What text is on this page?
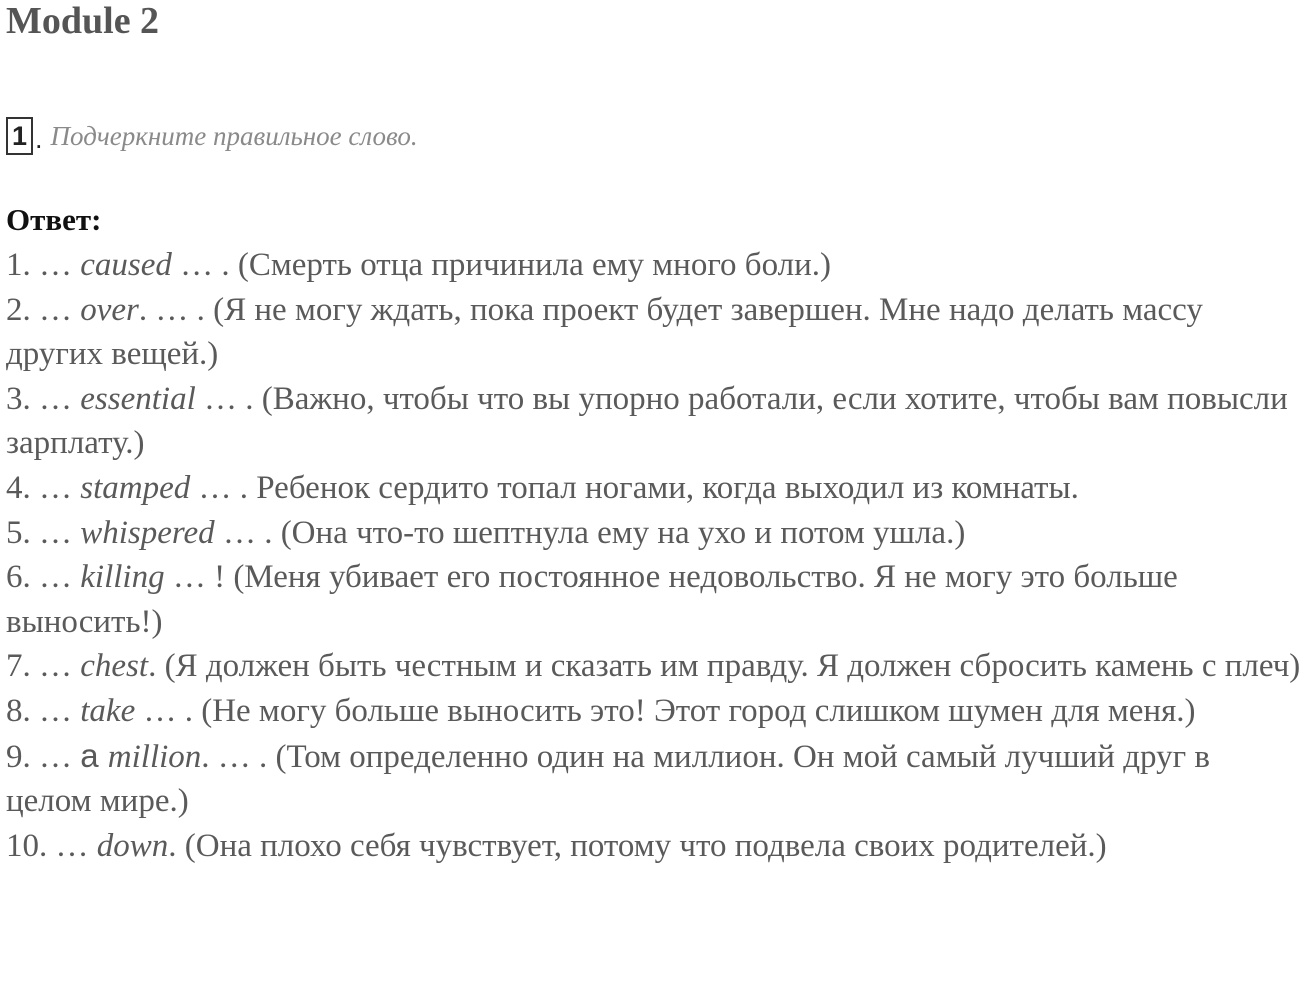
Module 2
1 . Подчеркните правильное слово.
Ответ:
1. … caused … . (Смерть отца причинила ему много боли.)
2. … over. … . (Я не могу ждать, пока проект будет завершен. Мне надо делать массу других вещей.)
3. … essential … . (Важно, чтобы что вы упорно работали, если хотите, чтобы вам повысли зарплату.)
4. … stamped … . Ребенок сердито топал ногами, когда выходил из комнаты.
5. … whispered … . (Она что-то шептнула ему на ухо и потом ушла.)
6. … killing … ! (Меня убивает его постоянное недовольство. Я не могу это больше выносить!)
7. … chest. (Я должен быть честным и сказать им правду. Я должен сбросить камень с плеч)
8. … take … . (Не могу больше выносить это! Этот город слишком шумен для меня.)
9. … a million. … . (Том определенно один на миллион. Он мой самый лучший друг в целом мире.)
10. … down. (Она плохо себя чувствует, потому что подвела своих родителей.)
